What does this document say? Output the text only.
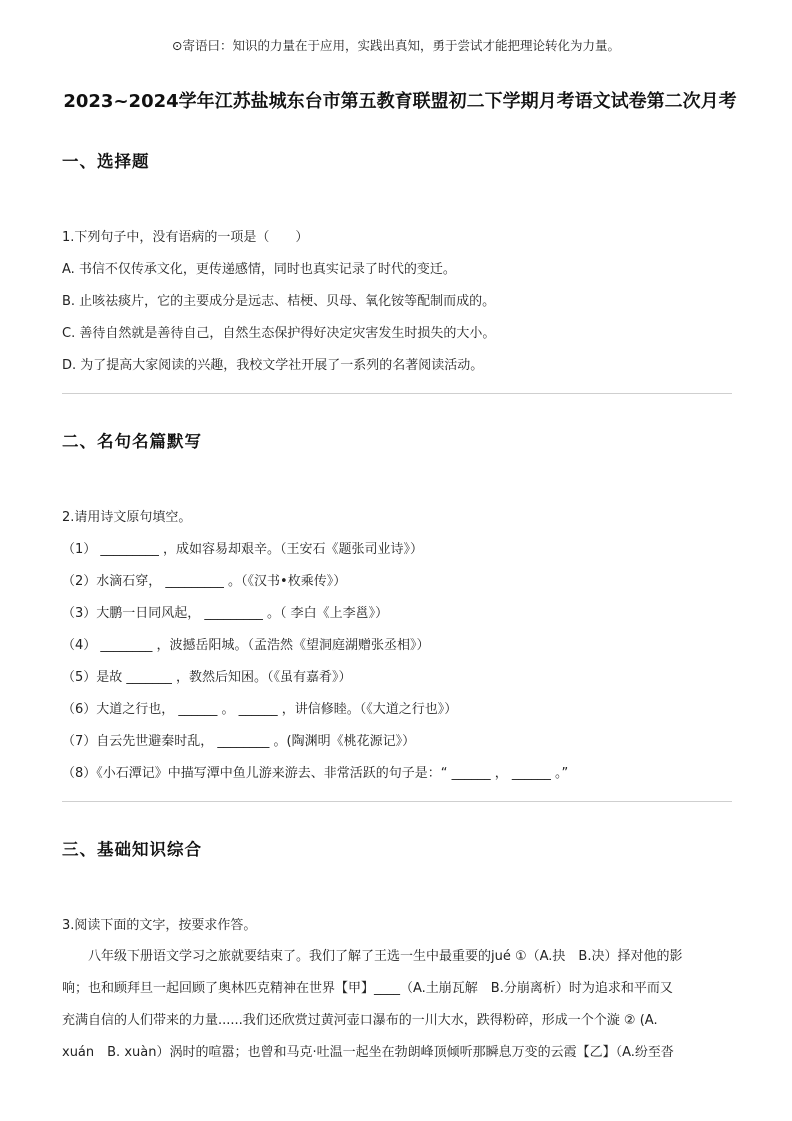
⊙寄语曰：知识的力量在于应用，实践出真知，勇于尝试才能把理论转化为力量。
2023~2024学年江苏盐城东台市第五教育联盟初二下学期月考语文试卷第二次月考
一、选择题
1.下列句子中，没有语病的一项是（　　）
A. 书信不仅传承文化，更传递感情，同时也真实记录了时代的变迁。
B. 止咳祛痰片，它的主要成分是远志、桔梗、贝母、氧化铵等配制而成的。
C. 善待自然就是善待自己，自然生态保护得好决定灾害发生时损失的大小。
D. 为了提高大家阅读的兴趣，我校文学社开展了一系列的名著阅读活动。
二、名句名篇默写
2.请用诗文原句填空。
（1） _________ ，成如容易却艰辛。（王安石《题张司业诗》）
（2）水滴石穿， _________ 。（《汉书•枚乘传》）
（3）大鹏一日同风起， _________ 。（ 李白《上李邕》）
（4） ________ ，波撼岳阳城。（孟浩然《望洞庭湖赠张丞相》）
（5）是故 _______ ，教然后知困。（《虽有嘉肴》）
（6）大道之行也， ______ 。 ______ ，讲信修睦。（《大道之行也》）
（7）自云先世避秦时乱， ________ 。(陶渊明《桃花源记》）
（8）《小石潭记》中描写潭中鱼儿游来游去、非常活跃的句子是：“ ______ ， ______ 。”
三、基础知识综合
3.阅读下面的文字，按要求作答。
　　八年级下册语文学习之旅就要结束了。我们了解了王选一生中最重要的jué ①（A.抉　B.决）择对他的影
响；也和顾拜旦一起回顾了奥林匹克精神在世界【甲】____（A.土崩瓦解　B.分崩离析）时为追求和平而又
充满自信的人们带来的力量......我们还欣赏过黄河壶口瀑布的一川大水，跌得粉碎，形成一个个漩 ② (A.
xuán　B. xuàn）涡时的喧嚣；也曾和马克·吐温一起坐在勃朗峰顶倾听那瞬息万变的云霞【乙】（A.纷至沓
